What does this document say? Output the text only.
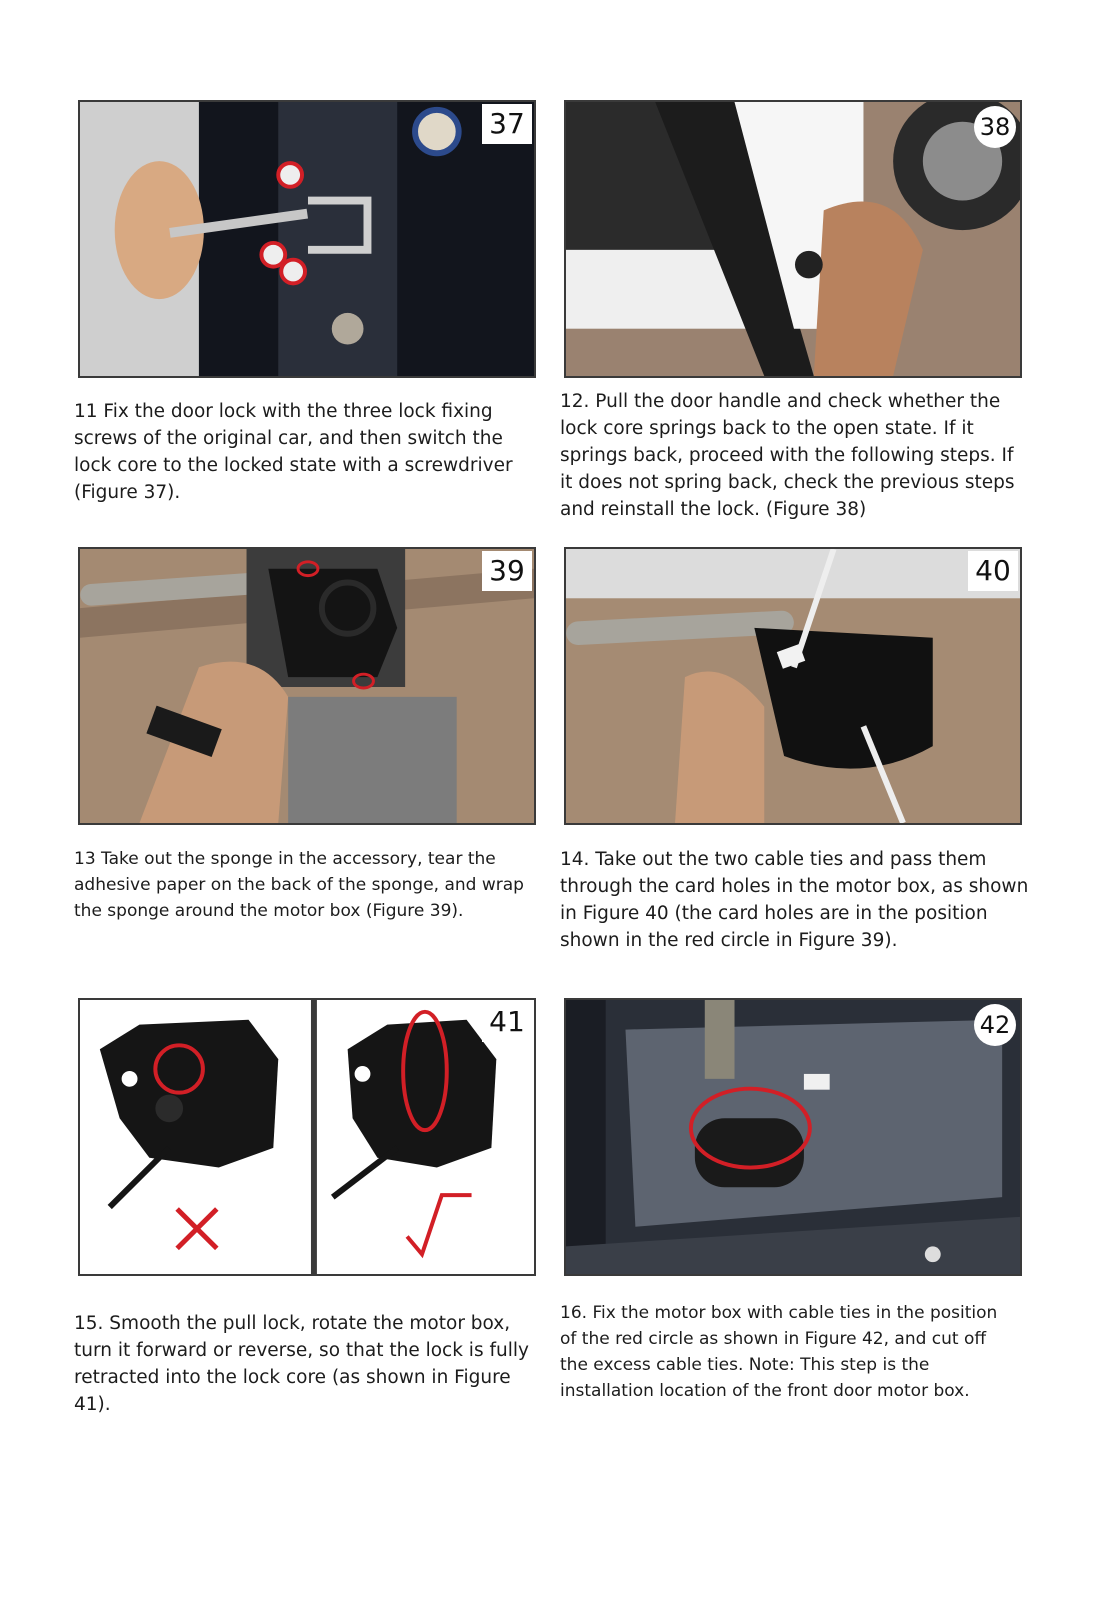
37	38
39	40
41	42

11 Fix the door lock with the three lock fixing screws of the original car, and then switch the lock core to the locked state with a screwdriver (Figure 37).

12. Pull the door handle and check whether the lock core springs back to the open state. If it springs back, proceed with the following steps. If it does not spring back, check the previous steps and reinstall the lock. (Figure 38)

13 Take out the sponge in the accessory, tear the adhesive paper on the back of the sponge, and wrap the sponge around the motor box (Figure 39).

14. Take out the two cable ties and pass them through the card holes in the motor box, as shown in Figure 40 (the card holes are in the position shown in the red circle in Figure 39).

15. Smooth the pull lock, rotate the motor box, turn it forward or reverse, so that the lock is fully retracted into the lock core (as shown in Figure 41).

16. Fix the motor box with cable ties in the position of the red circle as shown in Figure 42, and cut off the excess cable ties. Note: This step is the installation location of the front door motor box.
